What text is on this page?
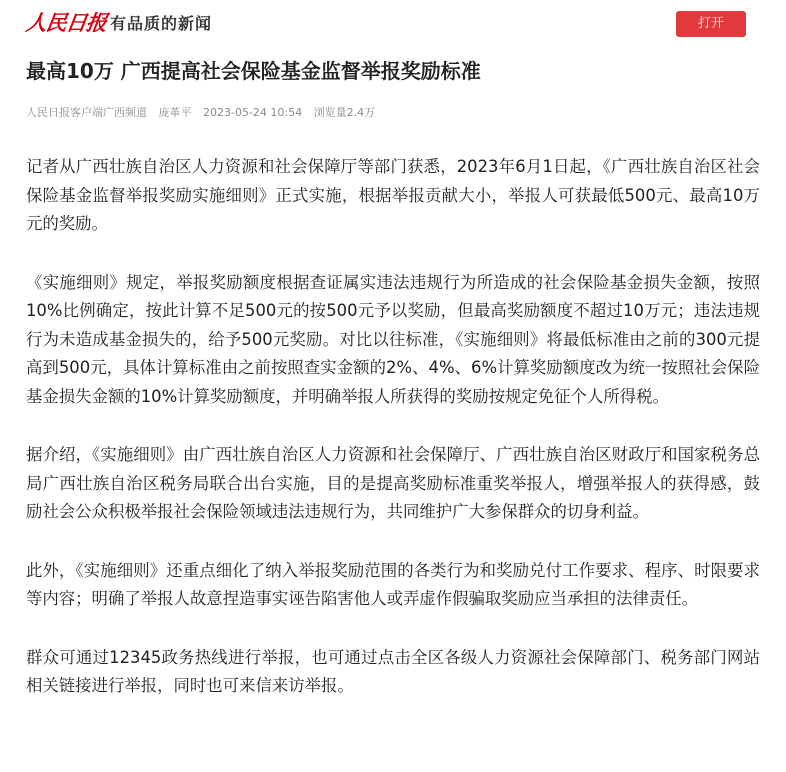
人民日报 有品质的新闻	打开
最高10万 广西提高社会保险基金监督举报奖励标准
人民日报客户端广西频道 庞革平 2023-05-24 10:54 浏览量2.4万

记者从广西壮族自治区人力资源和社会保障厅等部门获悉，2023年6月1日起，《广西壮族自治区社会保险基金监督举报奖励实施细则》正式实施，根据举报贡献大小，举报人可获最低500元、最高10万元的奖励。

《实施细则》规定，举报奖励额度根据查证属实违法违规行为所造成的社会保险基金损失金额，按照10%比例确定，按此计算不足500元的按500元予以奖励，但最高奖励额度不超过10万元；违法违规行为未造成基金损失的，给予500元奖励。对比以往标准，《实施细则》将最低标准由之前的300元提高到500元，具体计算标准由之前按照查实金额的2%、4%、6%计算奖励额度改为统一按照社会保险基金损失金额的10%计算奖励额度，并明确举报人所获得的奖励按规定免征个人所得税。

据介绍，《实施细则》由广西壮族自治区人力资源和社会保障厅、广西壮族自治区财政厅和国家税务总局广西壮族自治区税务局联合出台实施，目的是提高奖励标准重奖举报人，增强举报人的获得感，鼓励社会公众积极举报社会保险领域违法违规行为，共同维护广大参保群众的切身利益。

此外，《实施细则》还重点细化了纳入举报奖励范围的各类行为和奖励兑付工作要求、程序、时限要求等内容；明确了举报人故意捏造事实诬告陷害他人或弄虚作假骗取奖励应当承担的法律责任。

群众可通过12345政务热线进行举报，也可通过点击全区各级人力资源社会保障部门、税务部门网站相关链接进行举报，同时也可来信来访举报。
